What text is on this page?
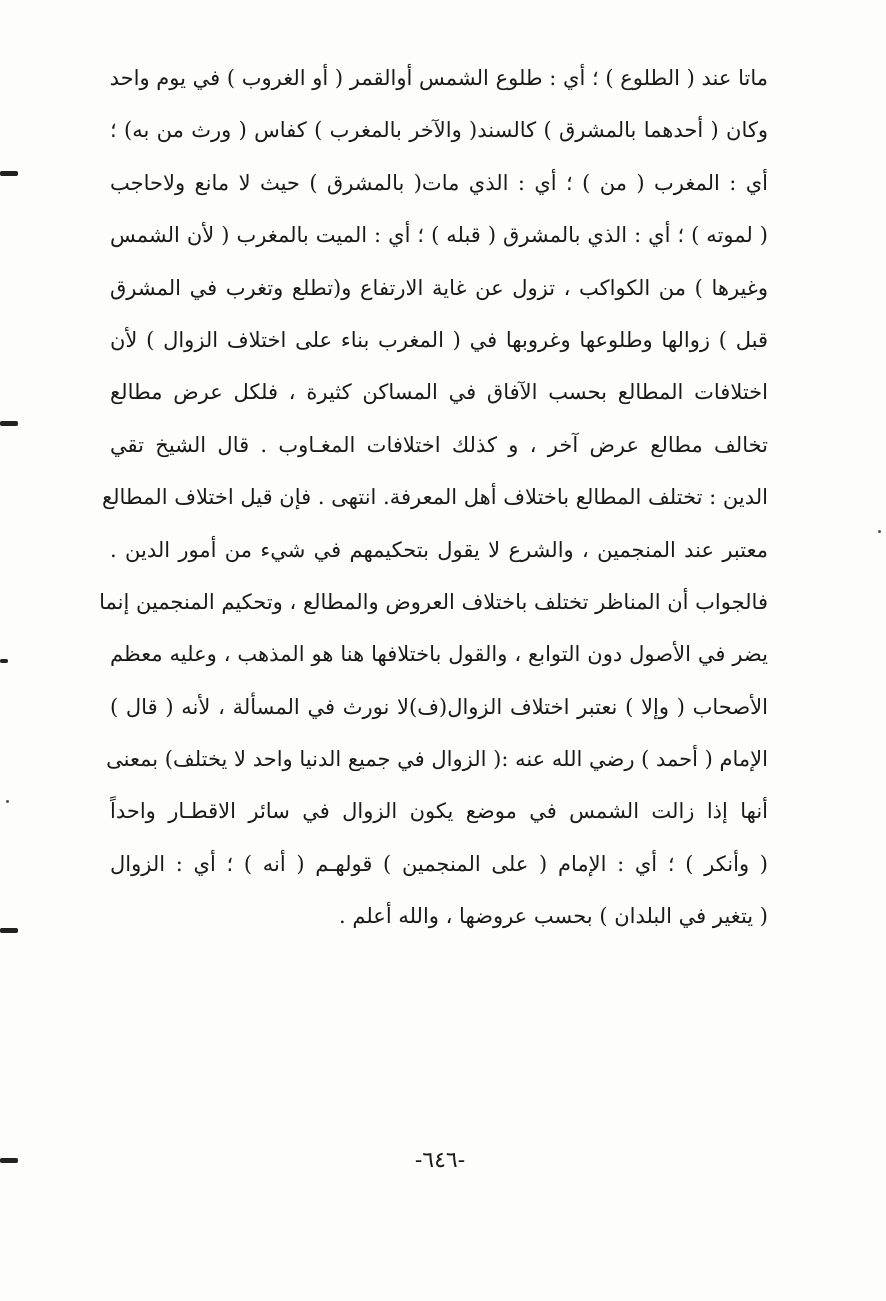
ماتا عند ( الطلوع ) ؛ أي : طلوع الشمس أوالقمر ( أو الغروب ) في يوم واحد
وكان ( أحدهما بالمشرق ) كالسند( والآخر بالمغرب ) كفاس ( ورث من به) ؛
أي : المغرب ( من ) ؛ أي : الذي مات( بالمشرق ) حيث لا مانع ولاحاجب
( لموته ) ؛ أي : الذي بالمشرق ( قبله ) ؛ أي : الميت بالمغرب ( لأن الشمس
وغيرها ) من الكواكب ، تزول عن غاية الارتفاع و(تطلع وتغرب في المشرق
قبل ) زوالها وطلوعها وغروبها في ( المغرب بناء على اختلاف الزوال ) لأن
اختلافات المطالع بحسب الآفاق في المساكن كثيرة ، فلكل عرض مطالع
تخالف مطالع عرض آخر ، و كذلك اختلافات المغـاوب . قال الشيخ تقي
الدين : تختلف المطالع باختلاف أهل المعرفة. انتهى . فإن قيل اختلاف المطالع
معتبر عند المنجمين ، والشرع لا يقول بتحكيمهم في شيء من أمور الدين .
فالجواب أن المناظر تختلف باختلاف العروض والمطالع ، وتحكيم المنجمين إنما
يضر في الأصول دون التوابع ، والقول باختلافها هنا هو المذهب ، وعليه معظم
الأصحاب ( وإلا ) نعتبر اختلاف الزوال(ف)لا نورث في المسألة ، لأنه ( قال )
الإمام ( أحمد ) رضي الله عنه :( الزوال في جميع الدنيا واحد لا يختلف) بمعنى
أنها إذا زالت الشمس في موضع يكون الزوال في سائر الاقطـار واحداً
( وأنكر ) ؛ أي : الإمام ( على المنجمين ) قولهـم ( أنه ) ؛ أي : الزوال
( يتغير في البلدان ) بحسب عروضها ، والله أعلم .
-٦٤٦-
